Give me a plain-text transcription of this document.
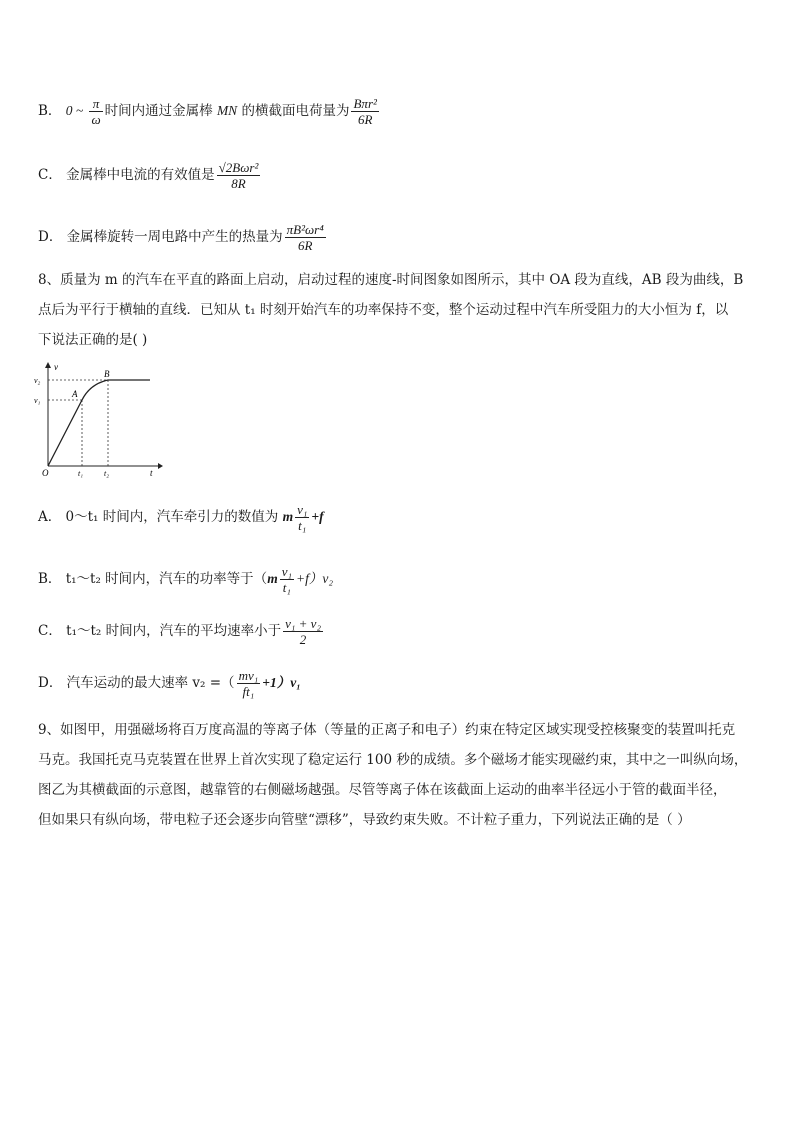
B． 0 ~ $\frac{\pi}{\omega}$ 时间内通过金属棒 MN 的横截面电荷量为 $\frac{\text{Bπr²}}{6R}$
C． 金属棒中电流的有效值是 $\frac{\text{√2Bωr²}}{8R}$
D． 金属棒旋转一周电路中产生的热量为 $\frac{\text{πB²ωr⁴}}{6R}$
8、质量为 m 的汽车在平直的路面上启动，启动过程的速度-时间图象如图所示，其中 OA 段为直线，AB 段为曲线，B
点后为平行于横轴的直线．已知从 t₁ 时刻开始汽车的功率保持不变，整个运动过程中汽车所受阻力的大小恒为 f，以
下说法正确的是( )
v
v₂
v₁
A
B
O	t₁	t₂	t
A． 0～t₁ 时间内，汽车牵引力的数值为 m $\frac{\text{v₁}}{\text{t₁}} +f$
B． t₁～t₂ 时间内，汽车的功率等于$(m \frac{\text{v₁}}{\text{t₁}} +f)v_2$
C． t₁～t₂ 时间内，汽车的平均速率小于 $\frac{\text{v₁ + v₂}}{2}$
D． 汽车运动的最大速率 v₂ =（ $\frac{\text{mv₁}}{\text{ft₁}} +1)v_1$
9、如图甲，用强磁场将百万度高温的等离子体（等量的正离子和电子）约束在特定区域实现受控核聚变的装置叫托克
马克。我国托克马克装置在世界上首次实现了稳定运行 100 秒的成绩。多个磁场才能实现磁约束，其中之一叫纵向场，
图乙为其横截面的示意图，越靠管的右侧磁场越强。尽管等离子体在该截面上运动的曲率半径远小于管的截面半径，
但如果只有纵向场，带电粒子还会逐步向管壁“漂移”，导致约束失败。不计粒子重力，下列说法正确的是（ ）
